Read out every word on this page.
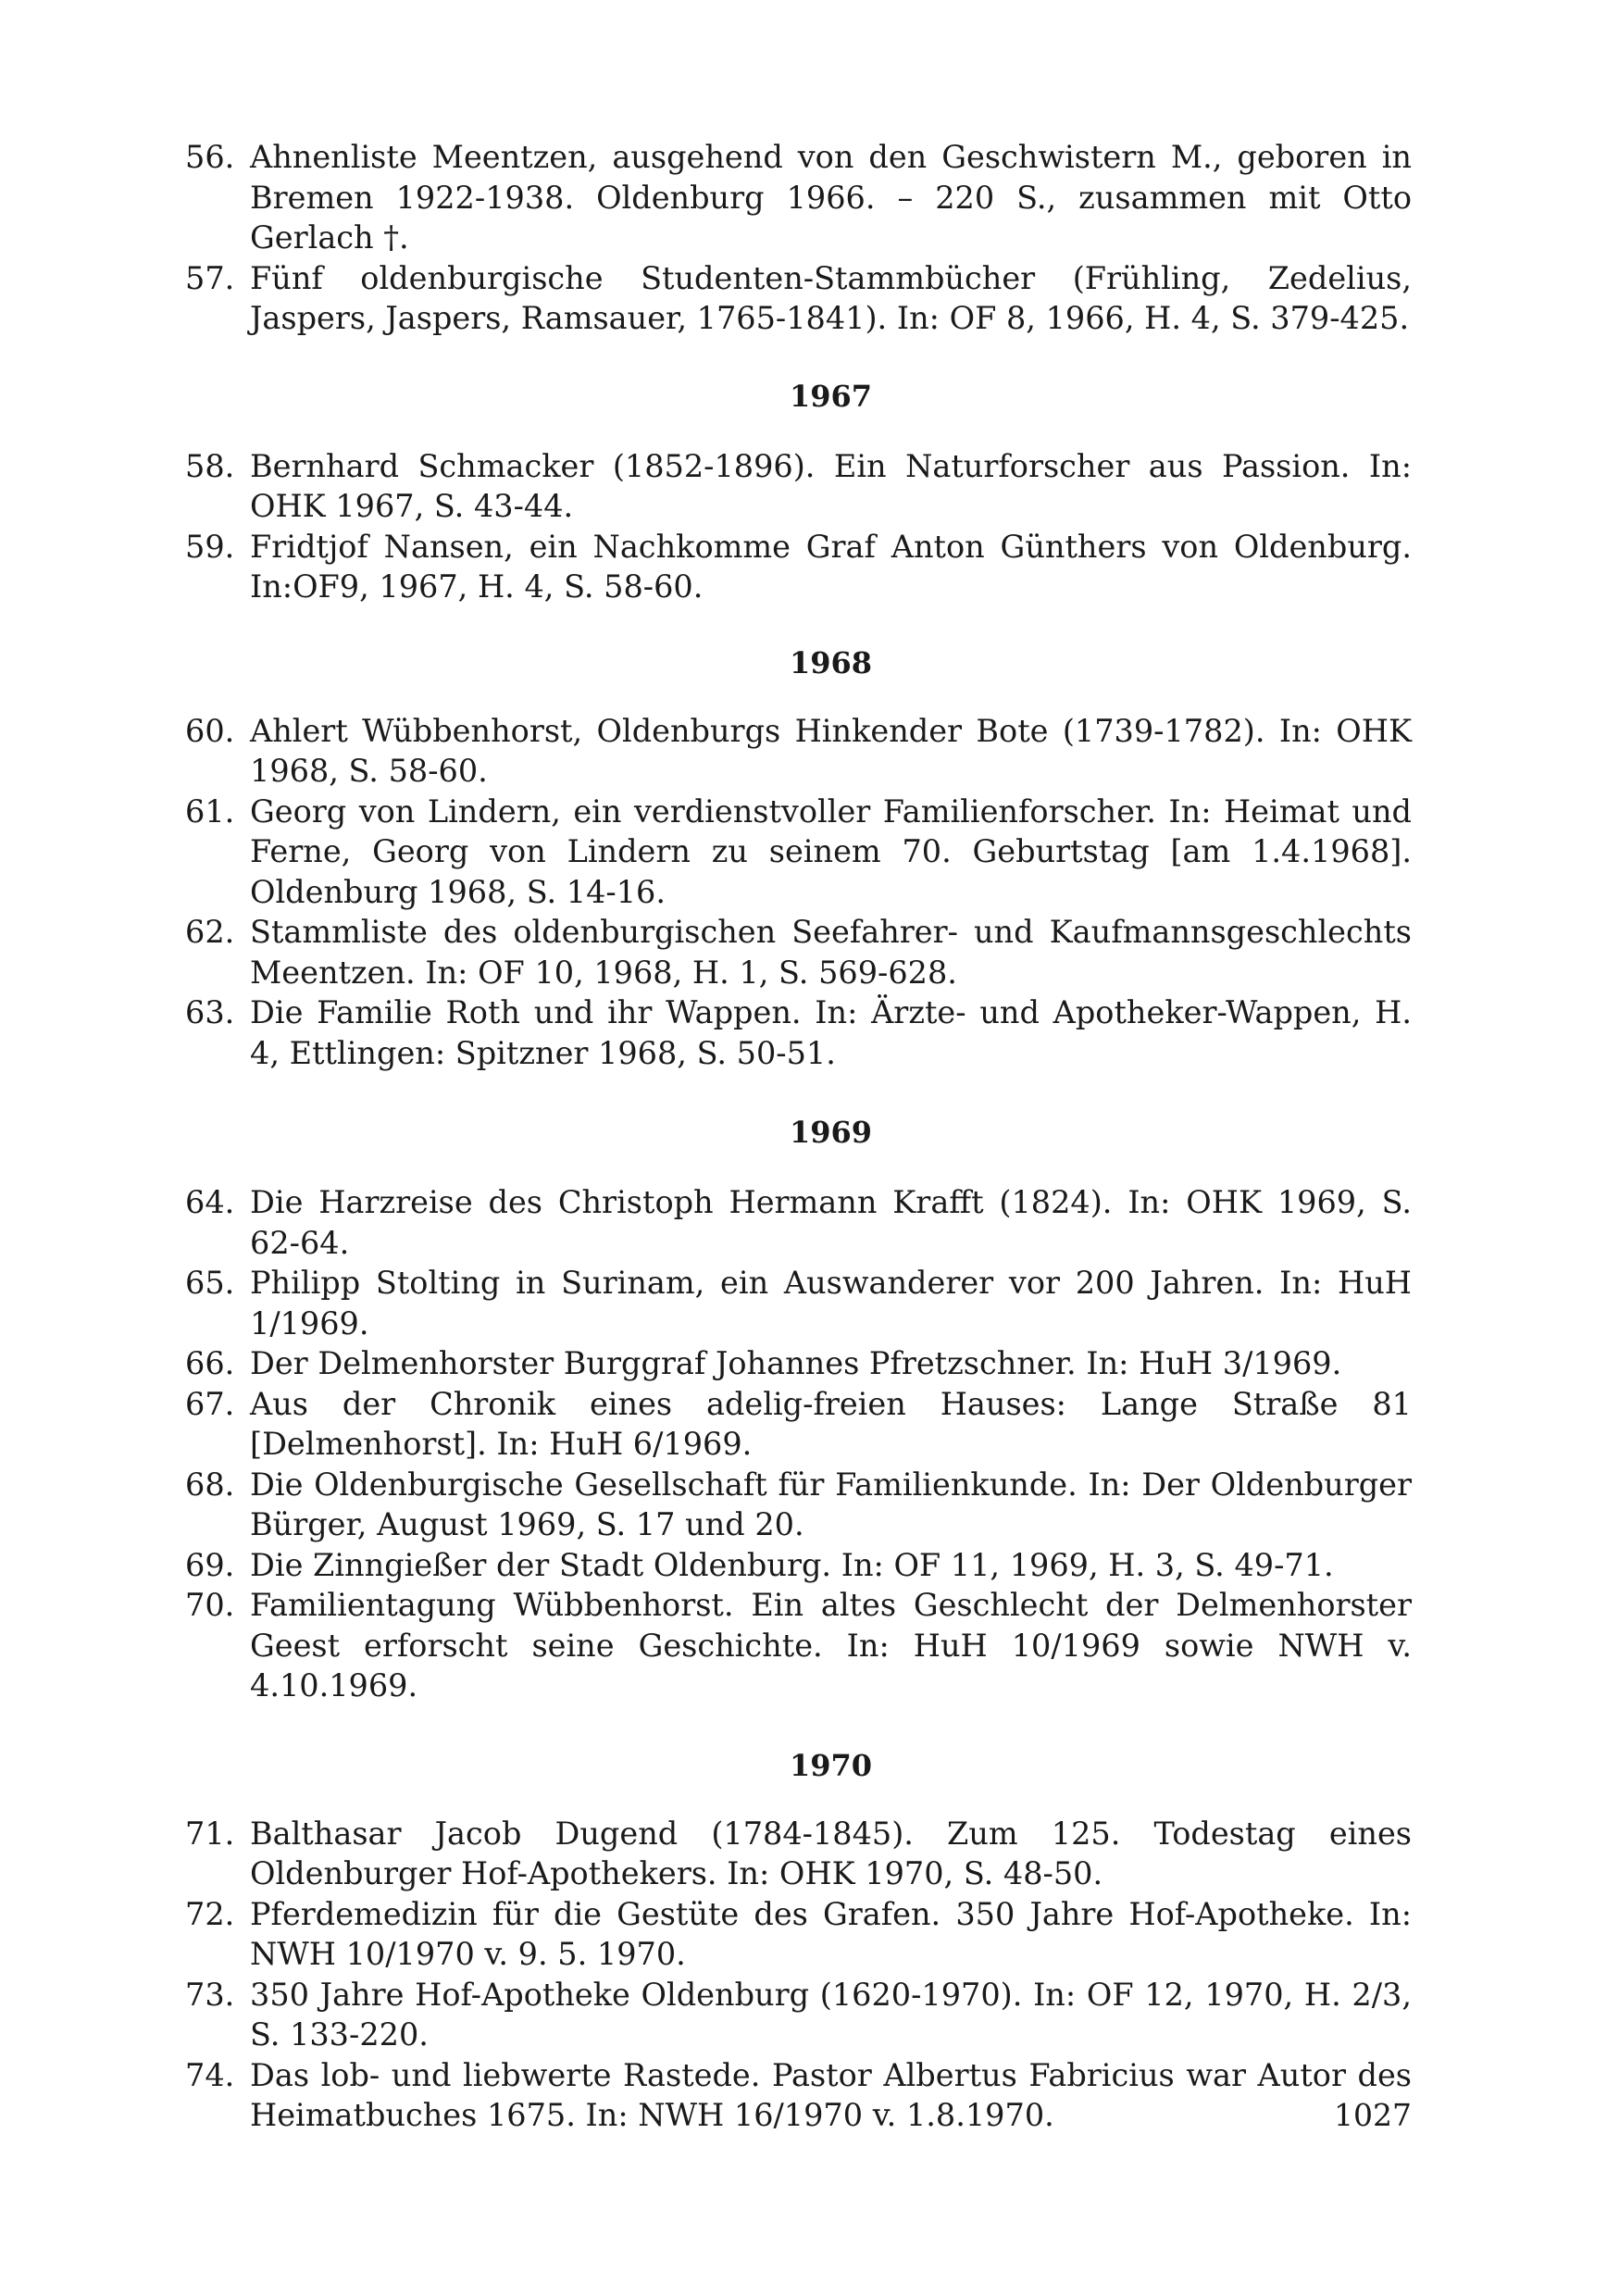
56. Ahnenliste Meentzen, ausgehend von den Geschwistern M., geboren in Bremen 1922-1938. Oldenburg 1966. – 220 S., zusammen mit Otto Gerlach †.
57. Fünf oldenburgische Studenten-Stammbücher (Frühling, Zedelius, Jaspers, Jaspers, Ramsauer, 1765-1841). In: OF 8, 1966, H. 4, S. 379-425.
1967
58. Bernhard Schmacker (1852-1896). Ein Naturforscher aus Passion. In: OHK 1967, S. 43-44.
59. Fridtjof Nansen, ein Nachkomme Graf Anton Günthers von Oldenburg. In:OF9, 1967, H. 4, S. 58-60.
1968
60. Ahlert Wübbenhorst, Oldenburgs Hinkender Bote (1739-1782). In: OHK 1968, S. 58-60.
61. Georg von Lindern, ein verdienstvoller Familienforscher. In: Heimat und Ferne, Georg von Lindern zu seinem 70. Geburtstag [am 1.4.1968]. Oldenburg 1968, S. 14-16.
62. Stammliste des oldenburgischen Seefahrer- und Kaufmannsgeschlechts Meentzen. In: OF 10, 1968, H. 1, S. 569-628.
63. Die Familie Roth und ihr Wappen. In: Ärzte- und Apotheker-Wappen, H. 4, Ettlingen: Spitzner 1968, S. 50-51.
1969
64. Die Harzreise des Christoph Hermann Krafft (1824). In: OHK 1969, S. 62-64.
65. Philipp Stolting in Surinam, ein Auswanderer vor 200 Jahren. In: HuH 1/1969.
66. Der Delmenhorster Burggraf Johannes Pfretzschner. In: HuH 3/1969.
67. Aus der Chronik eines adelig-freien Hauses: Lange Straße 81 [Delmenhorst]. In: HuH 6/1969.
68. Die Oldenburgische Gesellschaft für Familienkunde. In: Der Oldenburger Bürger, August 1969, S. 17 und 20.
69. Die Zinngießer der Stadt Oldenburg. In: OF 11, 1969, H. 3, S. 49-71.
70. Familientagung Wübbenhorst. Ein altes Geschlecht der Delmenhorster Geest erforscht seine Geschichte. In: HuH 10/1969 sowie NWH v. 4.10.1969.
1970
71. Balthasar Jacob Dugend (1784-1845). Zum 125. Todestag eines Oldenburger Hof-Apothekers. In: OHK 1970, S. 48-50.
72. Pferdemedizin für die Gestüte des Grafen. 350 Jahre Hof-Apotheke. In: NWH 10/1970 v. 9. 5. 1970.
73. 350 Jahre Hof-Apotheke Oldenburg (1620-1970). In: OF 12, 1970, H. 2/3, S. 133-220.
74. Das lob- und liebwerte Rastede. Pastor Albertus Fabricius war Autor des Heimatbuches 1675. In: NWH 16/1970 v. 1.8.1970.	1027
